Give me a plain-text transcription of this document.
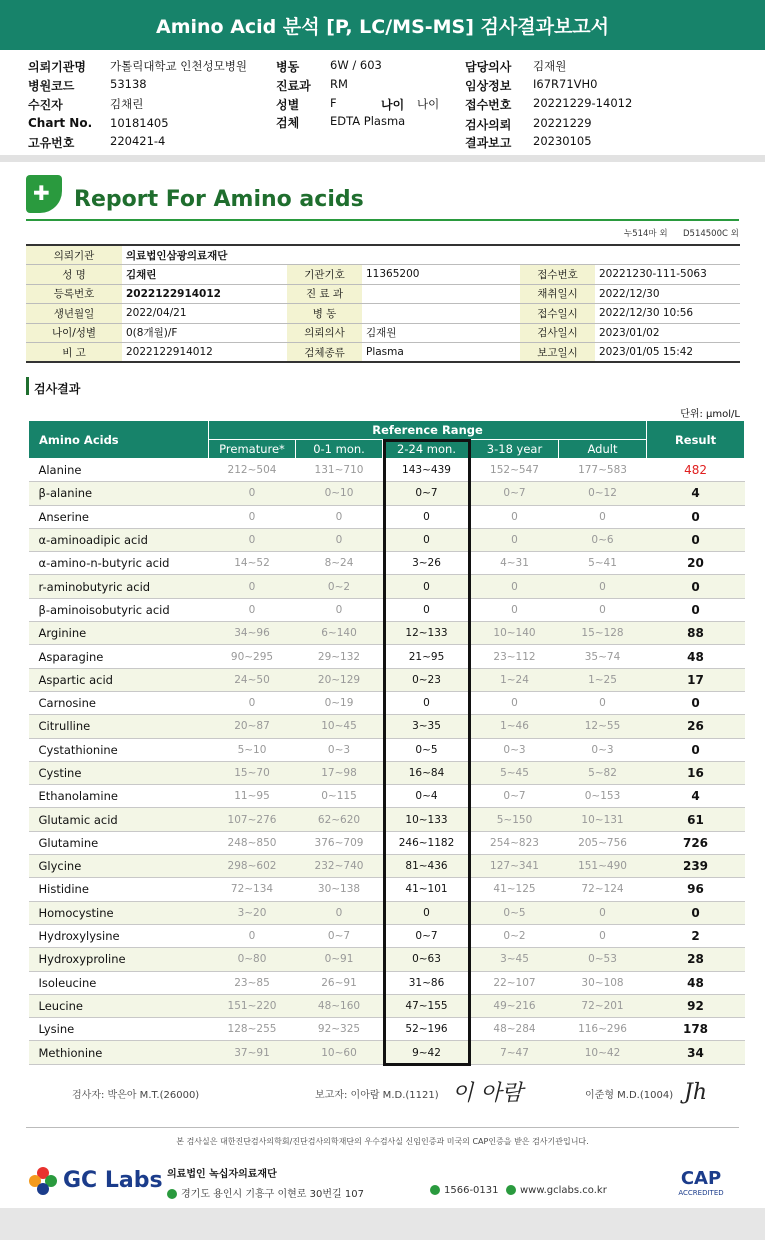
Amino Acid 분석 [P, LC/MS-MS] 검사결과보고서
의뢰기관명 가톨릭대학교 인천성모병원
병원코드	53138
수진자	김채린
Chart No. 10181405
고유번호	220421-4
병동	6W / 603
진료과 RM
성별	F	나이 나이
검체	EDTA Plasma
담당의사 김재원
임상정보 I67R71VH0
접수번호 20221229-14012
검사의뢰 20221229
결과보고 20230105
✚ Report For Amino acids
누514마 외 D514500C 외
의뢰기관	의료법인삼광의료재단				
성 명	김채린	기관기호	11365200	접수번호	20221230-111-5063
등록번호	2022122914012	진 료 과		채취일시	2022/12/30
생년월일	2022/04/21	병 동		접수일시	2022/12/30 10:56
나이/성별	0(8개월)/F	의뢰의사	김재원	검사일시	2023/01/02
비 고	2022122914012	검체종류	Plasma	보고일시	2023/01/05 15:42
검사결과
단위: μmol/L
Amino Acids	Reference Range					Result
	Premature*	0-1 mon.	2-24 mon.	3-18 year	Adult	
Alanine	212~504	131~710	143~439	152~547	177~583	482
β-alanine	0	0~10	0~7	0~7	0~12	4
Anserine	0	0	0	0	0	0
α-aminoadipic acid	0	0	0	0	0~6	0
α-amino-n-butyric acid	14~52	8~24	3~26	4~31	5~41	20
r-aminobutyric acid	0	0~2	0	0	0	0
β-aminoisobutyric acid	0	0	0	0	0	0
Arginine	34~96	6~140	12~133	10~140	15~128	88
Asparagine	90~295	29~132	21~95	23~112	35~74	48
Aspartic acid	24~50	20~129	0~23	1~24	1~25	17
Carnosine	0	0~19	0	0	0	0
Citrulline	20~87	10~45	3~35	1~46	12~55	26
Cystathionine	5~10	0~3	0~5	0~3	0~3	0
Cystine	15~70	17~98	16~84	5~45	5~82	16
Ethanolamine	11~95	0~115	0~4	0~7	0~153	4
Glutamic acid	107~276	62~620	10~133	5~150	10~131	61
Glutamine	248~850	376~709	246~1182	254~823	205~756	726
Glycine	298~602	232~740	81~436	127~341	151~490	239
Histidine	72~134	30~138	41~101	41~125	72~124	96
Homocystine	3~20	0	0	0~5	0	0
Hydroxylysine	0	0~7	0~7	0~2	0	2
Hydroxyproline	0~80	0~91	0~63	3~45	0~53	28
Isoleucine	23~85	26~91	31~86	22~107	30~108	48
Leucine	151~220	48~160	47~155	49~216	72~201	92
Lysine	128~255	92~325	52~196	48~284	116~296	178
Methionine	37~91	10~60	9~42	7~47	10~42	34
검사자: 박은아 M.T.(26000)	보고자: 이아람 M.D.(1121) 이 아람	이준형 M.D.(1004) Jh
본 검사실은 대한진단검사의학회/진단검사의학재단의 우수검사실 신임인증과 미국의 CAP인증을 받은 검사기관입니다.
GC Labs 의료법인 녹십자의료재단
경기도 용인시 기흥구 이현로 30번길 107	1566-0131	www.gclabs.co.kr
CAP
ACCREDITED
